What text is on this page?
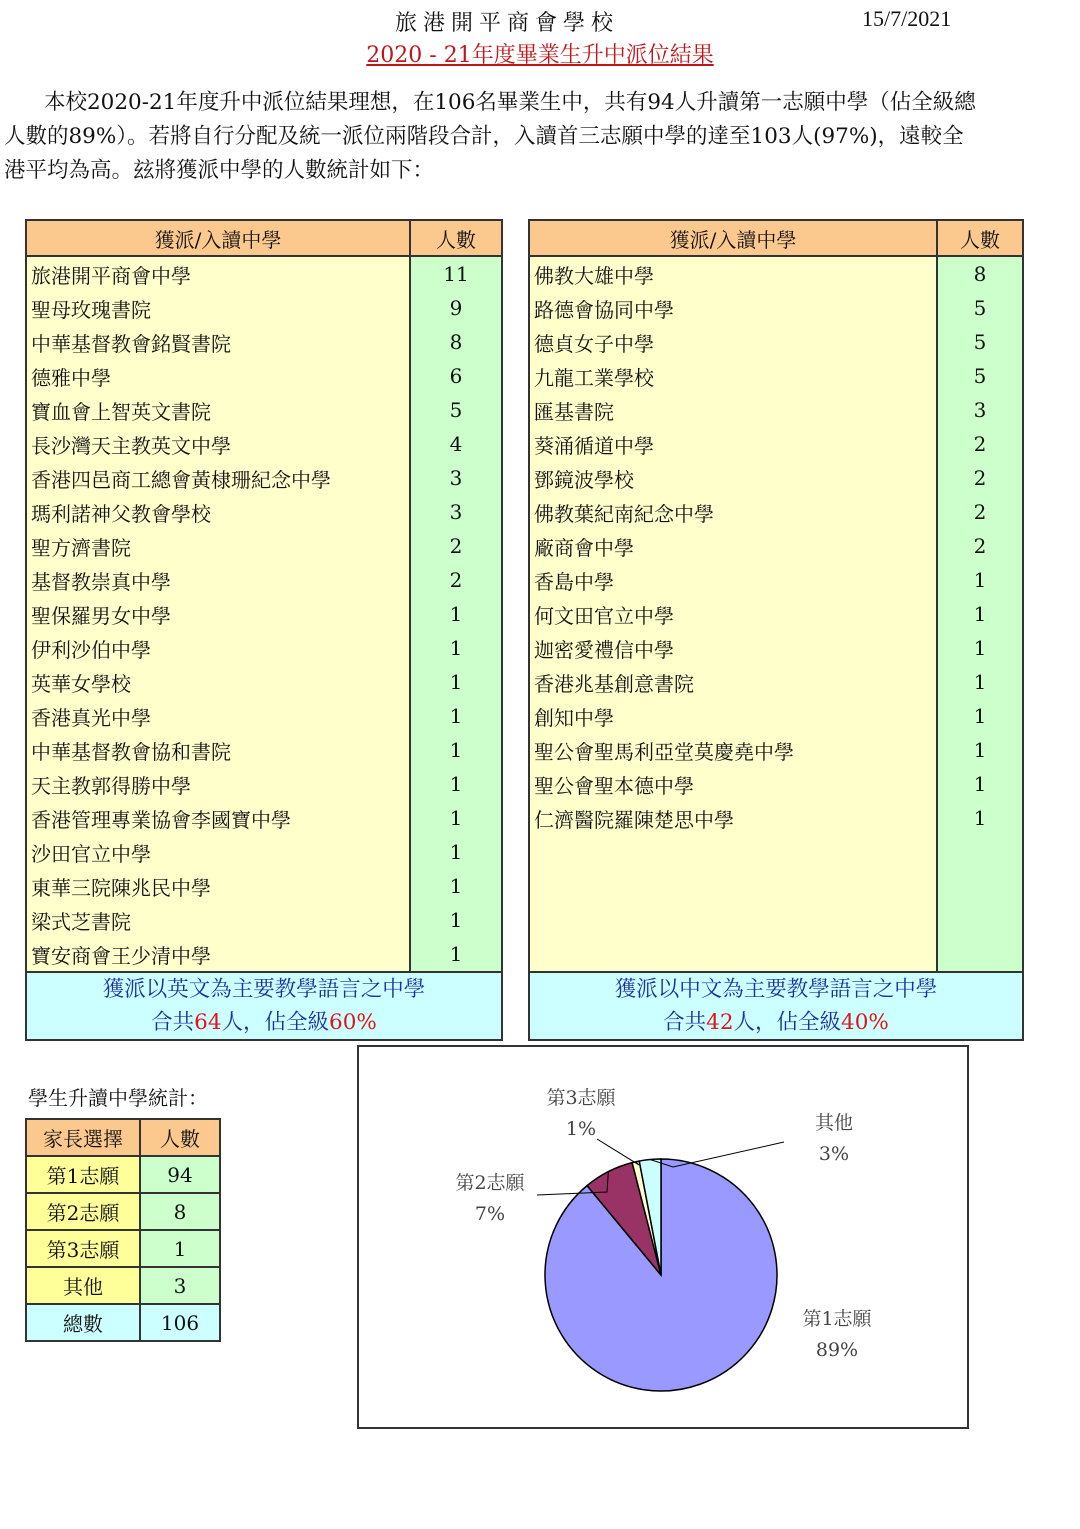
旅港開平商會學校	15/7/2021
2020 - 21年度畢業生升中派位結果

本校2020-21年度升中派位結果理想，在106名畢業生中，共有94人升讀第一志願中學（佔全級總人數的89%）。若將自行分配及統一派位兩階段合計，入讀首三志願中學的達至103人(97%)，遠較全港平均為高。玆將獲派中學的人數統計如下：

獲派/入讀中學	人數
旅港開平商會中學	11
聖母玫瑰書院	9
中華基督教會銘賢書院	8
德雅中學	6
寶血會上智英文書院	5
長沙灣天主教英文中學	4
香港四邑商工總會黃棣珊紀念中學	3
瑪利諾神父教會學校	3
聖方濟書院	2
基督教崇真中學	2
聖保羅男女中學	1
伊利沙伯中學	1
英華女學校	1
香港真光中學	1
中華基督教會協和書院	1
天主教郭得勝中學	1
香港管理專業協會李國寶中學	1
沙田官立中學	1
東華三院陳兆民中學	1
梁式芝書院	1
寶安商會王少清中學	1

獲派以英文為主要教學語言之中學
合共64人，佔全級60%	
獲派/入讀中學	人數
佛教大雄中學	8
路德會協同中學	5
德貞女子中學	5
九龍工業學校	5
匯基書院	3
葵涌循道中學	2
鄧鏡波學校	2
佛教葉紀南紀念中學	2
廠商會中學	2
香島中學	1
何文田官立中學	1
迦密愛禮信中學	1
香港兆基創意書院	1
創知中學	1
聖公會聖馬利亞堂莫慶堯中學	1
聖公會聖本德中學	1
仁濟醫院羅陳楚思中學	1

獲派以中文為主要教學語言之中學
合共42人，佔全級40%	
學生升讀中學統計：
家長選擇	人數
第1志願	94
第2志願	8
第3志願	1
其他	3
總數	106	第1志願
89%
第2志願
7%
第3志願
1%	其他
3%
